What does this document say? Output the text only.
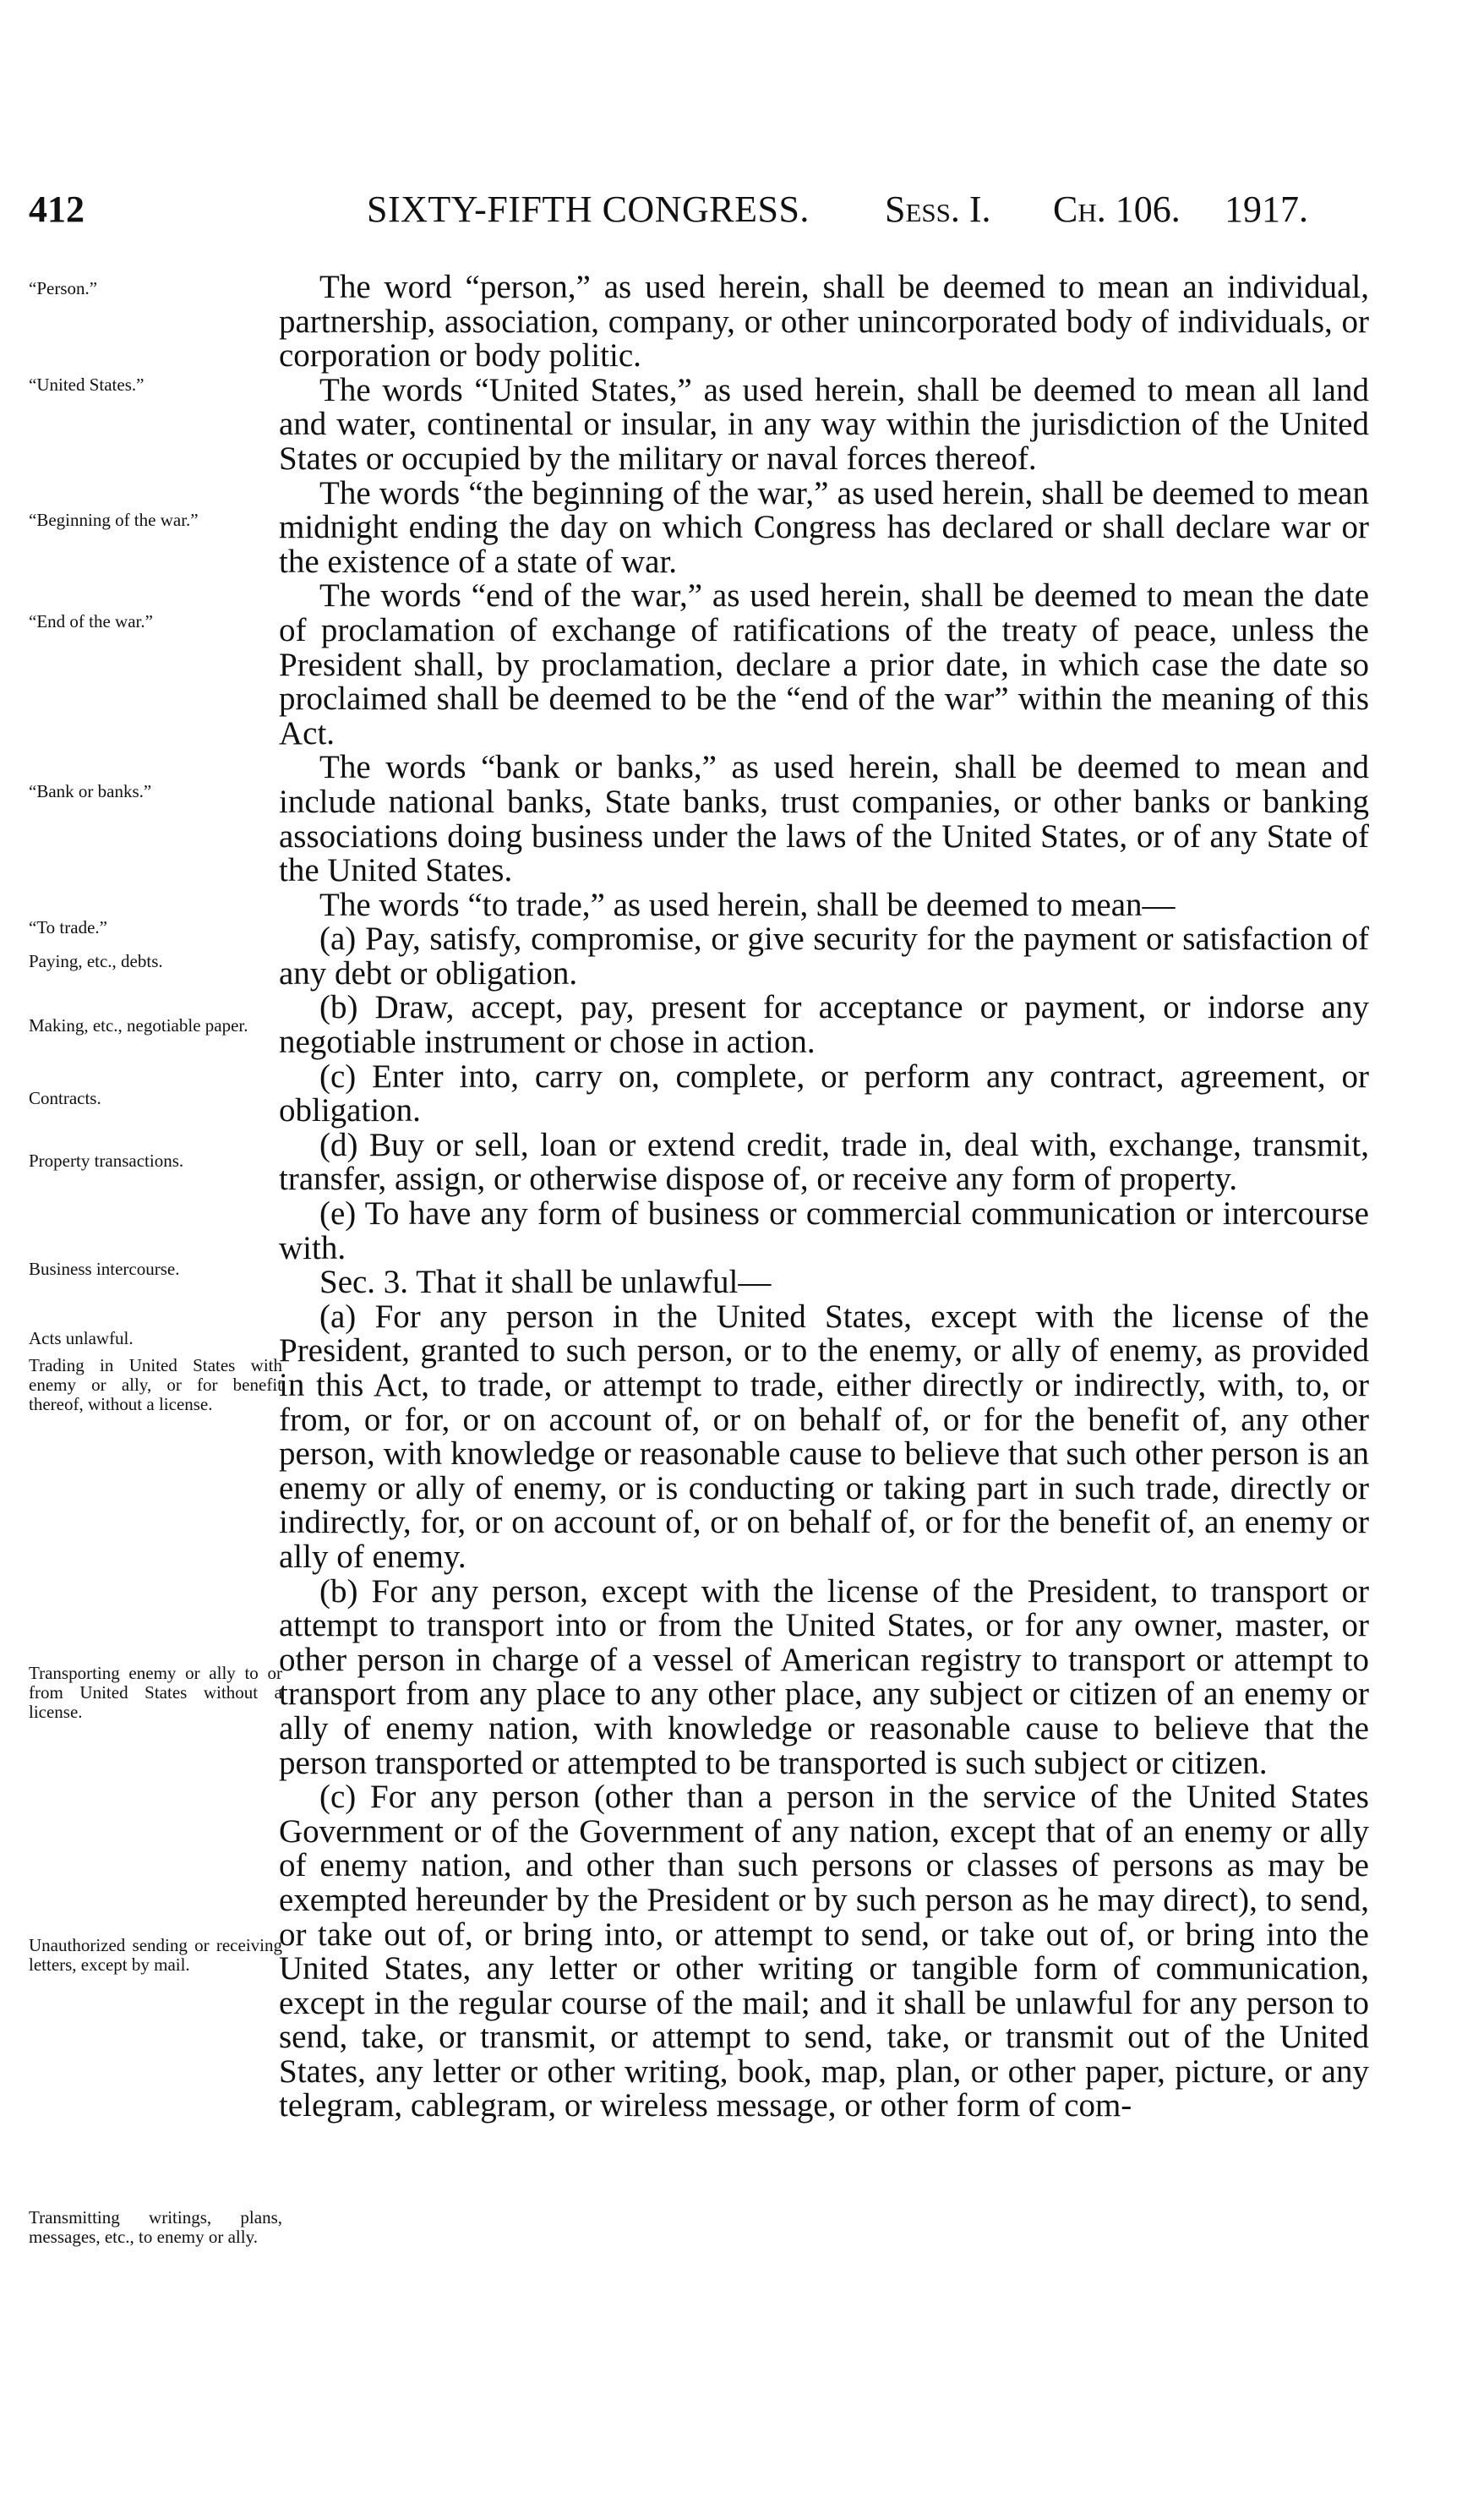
412	SIXTY-FIFTH CONGRESS. Sess. I. Ch. 106. 1917.
“Person.”
“United States.”
“Beginning of the war.”
“End of the war.”
“Bank or banks.”
“To trade.”
Paying, etc., debts.
Making, etc., negotiable paper.
Contracts.
Property transactions.
Business intercourse.
Acts unlawful.
Trading in United States with enemy or ally, or for benefit thereof, without a license.
Transporting enemy or ally to or from United States without a license.
Unauthorized sending or receiving letters, except by mail.
Transmitting writings, plans, messages, etc., to enemy or ally.

The word “person,” as used herein, shall be deemed to mean an individual, partnership, association, company, or other unincorporated body of individuals, or corporation or body politic.

The words “United States,” as used herein, shall be deemed to mean all land and water, continental or insular, in any way within the jurisdiction of the United States or occupied by the military or naval forces thereof.

The words “the beginning of the war,” as used herein, shall be deemed to mean midnight ending the day on which Congress has declared or shall declare war or the existence of a state of war.

The words “end of the war,” as used herein, shall be deemed to mean the date of proclamation of exchange of ratifications of the treaty of peace, unless the President shall, by proclamation, declare a prior date, in which case the date so proclaimed shall be deemed to be the “end of the war” within the meaning of this Act.

The words “bank or banks,” as used herein, shall be deemed to mean and include national banks, State banks, trust companies, or other banks or banking associations doing business under the laws of the United States, or of any State of the United States.

The words “to trade,” as used herein, shall be deemed to mean—

(a) Pay, satisfy, compromise, or give security for the payment or satisfaction of any debt or obligation.

(b) Draw, accept, pay, present for acceptance or payment, or indorse any negotiable instrument or chose in action.

(c) Enter into, carry on, complete, or perform any contract, agreement, or obligation.

(d) Buy or sell, loan or extend credit, trade in, deal with, exchange, transmit, transfer, assign, or otherwise dispose of, or receive any form of property.

(e) To have any form of business or commercial communication or intercourse with.

Sec. 3. That it shall be unlawful—

(a) For any person in the United States, except with the license of the President, granted to such person, or to the enemy, or ally of enemy, as provided in this Act, to trade, or attempt to trade, either directly or indirectly, with, to, or from, or for, or on account of, or on behalf of, or for the benefit of, any other person, with knowledge or reasonable cause to believe that such other person is an enemy or ally of enemy, or is conducting or taking part in such trade, directly or indirectly, for, or on account of, or on behalf of, or for the benefit of, an enemy or ally of enemy.

(b) For any person, except with the license of the President, to transport or attempt to transport into or from the United States, or for any owner, master, or other person in charge of a vessel of American registry to transport or attempt to transport from any place to any other place, any subject or citizen of an enemy or ally of enemy nation, with knowledge or reasonable cause to believe that the person transported or attempted to be transported is such subject or citizen.

(c) For any person (other than a person in the service of the United States Government or of the Government of any nation, except that of an enemy or ally of enemy nation, and other than such persons or classes of persons as may be exempted hereunder by the President or by such person as he may direct), to send, or take out of, or bring into, or attempt to send, or take out of, or bring into the United States, any letter or other writing or tangible form of communication, except in the regular course of the mail; and it shall be unlawful for any person to send, take, or transmit, or attempt to send, take, or transmit out of the United States, any letter or other writing, book, map, plan, or other paper, picture, or any telegram, cablegram, or wireless message, or other form of com-
